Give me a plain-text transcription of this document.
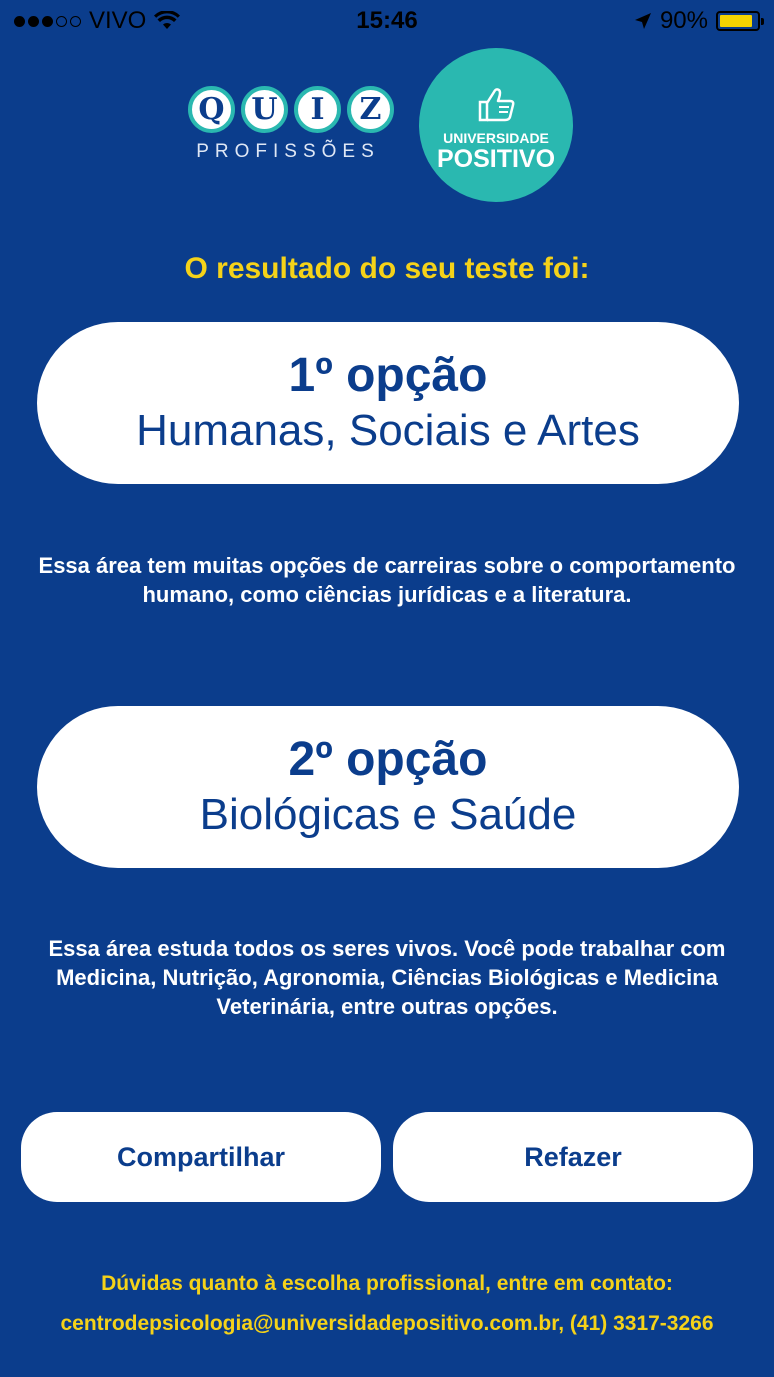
VIVO	15:46	90%
Q U	I	Z
PROFISSÕES
UNIVERSIDADE
POSITIVO
O resultado do seu teste foi:
1º opção
Humanas, Sociais e Artes
Essa área tem muitas opções de carreiras sobre o comportamento humano, como ciências jurídicas e a literatura.
2º opção
Biológicas e Saúde
Essa área estuda todos os seres vivos. Você pode trabalhar com Medicina, Nutrição, Agronomia, Ciências Biológicas e Medicina Veterinária, entre outras opções.
Compartilhar	Refazer
Dúvidas quanto à escolha profissional, entre em contato:
centrodepsicologia@universidadepositivo.com.br, (41) 3317-3266
